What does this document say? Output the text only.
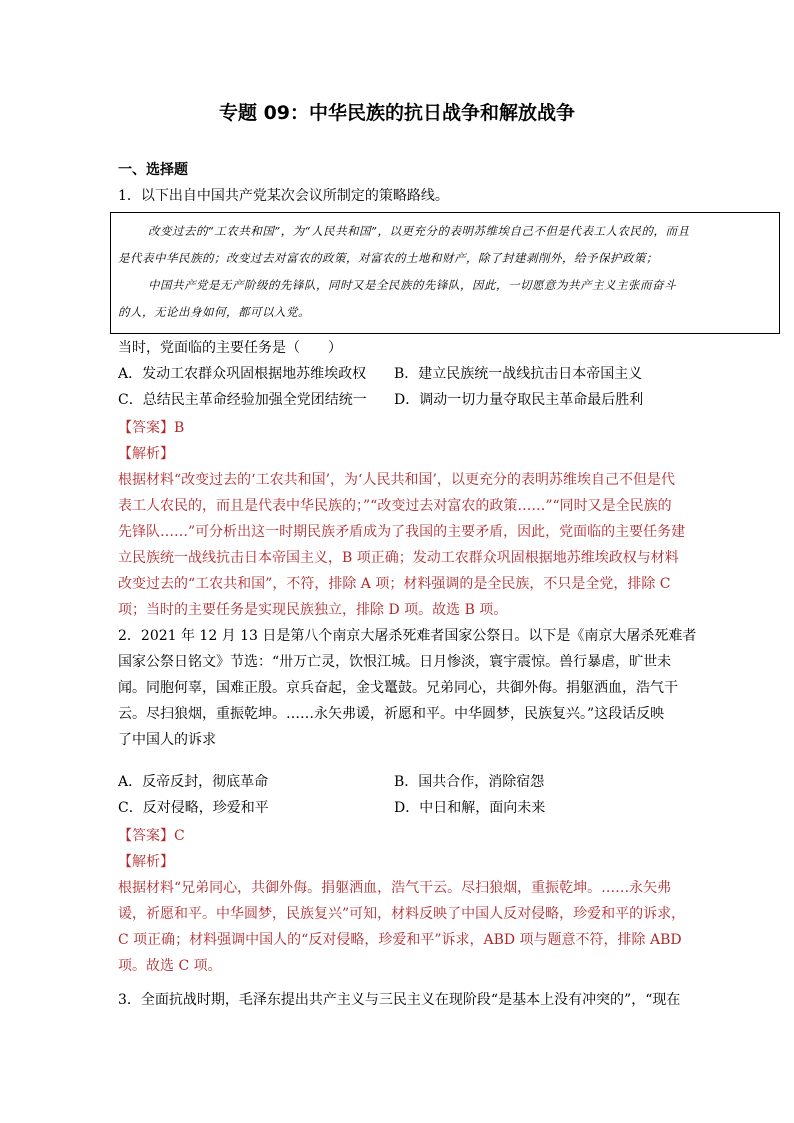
专题 09：中华民族的抗日战争和解放战争
一、选择题
1．以下出自中国共产党某次会议所制定的策略路线。
改变过去的“工农共和国”，为“人民共和国”，以更充分的表明苏维埃自己不但是代表工人农民的，而且
是代表中华民族的；改变过去对富农的政策，对富农的土地和财产，除了封建剥削外，给予保护政策；
中国共产党是无产阶级的先锋队，同时又是全民族的先锋队，因此，一切愿意为共产主义主张而奋斗
的人，无论出身如何，都可以入党。
当时，党面临的主要任务是（　　）
A．发动工农群众巩固根据地苏维埃政权 B．建立民族统一战线抗击日本帝国主义
C．总结民主革命经验加强全党团结统一 D．调动一切力量夺取民主革命最后胜利
【答案】B
【解析】
根据材料“改变过去的‘工农共和国’，为‘人民共和国’，以更充分的表明苏维埃自己不但是代
表工人农民的，而且是代表中华民族的；”“改变过去对富农的政策……”“同时又是全民族的
先锋队……”可分析出这一时期民族矛盾成为了我国的主要矛盾，因此，党面临的主要任务建
立民族统一战线抗击日本帝国主义，B 项正确；发动工农群众巩固根据地苏维埃政权与材料
改变过去的“工农共和国”，不符，排除 A 项；材料强调的是全民族，不只是全党，排除 C
项；当时的主要任务是实现民族独立，排除 D 项。故选 B 项。
2．2021 年 12 月 13 日是第八个南京大屠杀死难者国家公祭日。以下是《南京大屠杀死难者
国家公祭日铭文》节选：“卅万亡灵，饮恨江城。日月惨淡，寰宇震惊。兽行暴虐，旷世未
闻。同胞何辜，国难正殷。京兵奋起，金戈鼍鼓。兄弟同心，共御外侮。捐躯洒血，浩气干
云。尽扫狼烟，重振乾坤。……永矢弗谖，祈愿和平。中华圆梦，民族复兴。”这段话反映
了中国人的诉求
A．反帝反封，彻底革命	B．国共合作，消除宿怨
C．反对侵略，珍爱和平	D．中日和解，面向未来
【答案】C
【解析】
根据材料“兄弟同心，共御外侮。捐躯洒血，浩气干云。尽扫狼烟，重振乾坤。……永矢弗
谖，祈愿和平。中华圆梦，民族复兴”可知，材料反映了中国人反对侵略，珍爱和平的诉求，
C 项正确；材料强调中国人的“反对侵略，珍爱和平”诉求，ABD 项与题意不符，排除 ABD
项。故选 C 项。
3．全面抗战时期，毛泽东提出共产主义与三民主义在现阶段“是基本上没有冲突的”，“现在
